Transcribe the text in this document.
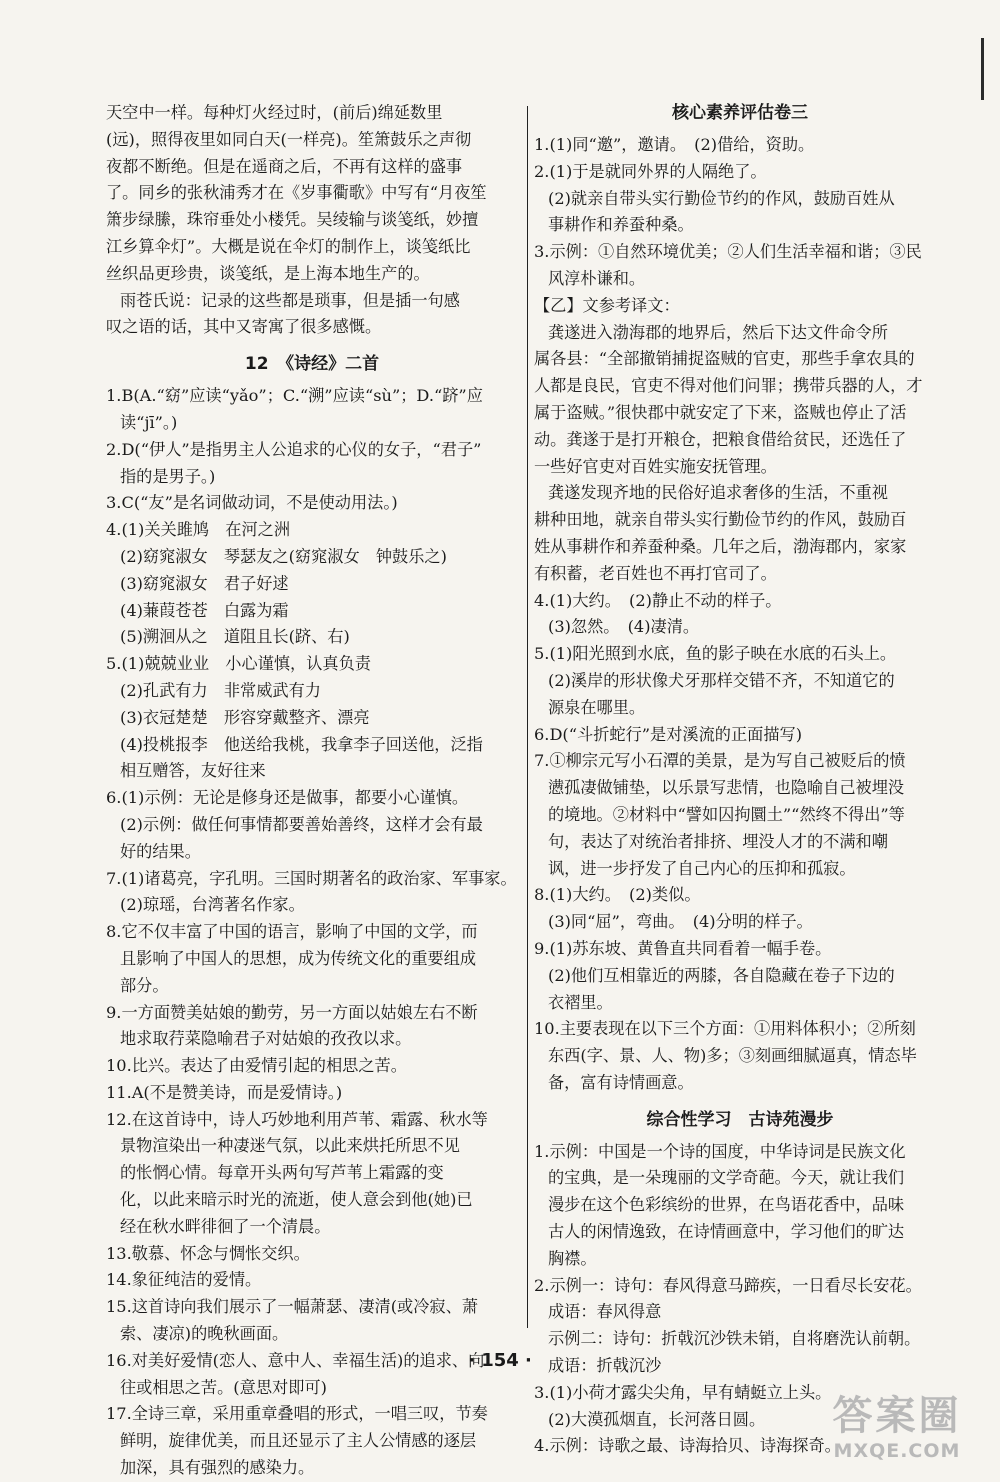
天空中一样。每种灯火经过时，(前后)绵延数里
(远)，照得夜里如同白天(一样亮)。笙箫鼓乐之声彻
夜都不断绝。但是在遥商之后，不再有这样的盛事
了。同乡的张秋浦秀才在《岁事衢歌》中写有“月夜笙
箫步绿縢，珠帘垂处小楼凭。吴绫输与谈笺纸，妙擅
江乡算伞灯”。大概是说在伞灯的制作上，谈笺纸比
丝织品更珍贵，谈笺纸，是上海本地生产的。
雨苍氏说：记录的这些都是琐事，但是插一句感
叹之语的话，其中又寄寓了很多感慨。
12　《诗经》二首
1.B(A.“窈”应读“yǎo”；C.“溯”应读“sù”；D.“跻”应
读“jī”。)
2.D(“伊人”是指男主人公追求的心仪的女子，“君子”
指的是男子。)
3.C(“友”是名词做动词，不是使动用法。)
4.(1)关关雎鸠　在河之洲
(2)窈窕淑女　琴瑟友之(窈窕淑女　钟鼓乐之)
(3)窈窕淑女　君子好逑
(4)蒹葭苍苍　白露为霜
(5)溯洄从之　道阻且长(跻、右)
5.(1)兢兢业业　小心谨慎，认真负责
(2)孔武有力　非常威武有力
(3)衣冠楚楚　形容穿戴整齐、漂亮
(4)投桃报李　他送给我桃，我拿李子回送他，泛指
相互赠答，友好往来
6.(1)示例：无论是修身还是做事，都要小心谨慎。
(2)示例：做任何事情都要善始善终，这样才会有最
好的结果。
7.(1)诸葛亮，字孔明。三国时期著名的政治家、军事家。
(2)琼瑶，台湾著名作家。
8.它不仅丰富了中国的语言，影响了中国的文学，而
且影响了中国人的思想，成为传统文化的重要组成
部分。
9.一方面赞美姑娘的勤劳，另一方面以姑娘左右不断
地求取荇菜隐喻君子对姑娘的孜孜以求。
10.比兴。表达了由爱情引起的相思之苦。
11.A(不是赞美诗，而是爱情诗。)
12.在这首诗中，诗人巧妙地利用芦苇、霜露、秋水等
景物渲染出一种凄迷气氛，以此来烘托所思不见
的怅惘心情。每章开头两句写芦苇上霜露的变
化，以此来暗示时光的流逝，使人意会到他(她)已
经在秋水畔徘徊了一个清晨。
13.敬慕、怀念与惆怅交织。
14.象征纯洁的爱情。
15.这首诗向我们展示了一幅萧瑟、凄清(或冷寂、萧
索、凄凉)的晚秋画面。
16.对美好爱情(恋人、意中人、幸福生活)的追求、向
往或相思之苦。(意思对即可)
17.全诗三章，采用重章叠唱的形式，一唱三叹，节奏
鲜明，旋律优美，而且还显示了主人公情感的逐层
加深，具有强烈的感染力。
核心素养评估卷三
1.(1)同“邀”，邀请。　(2)借给，资助。
2.(1)于是就同外界的人隔绝了。
(2)就亲自带头实行勤俭节约的作风，鼓励百姓从
事耕作和养蚕种桑。
3.示例：①自然环境优美；②人们生活幸福和谐；③民
风淳朴谦和。
【乙】文参考译文：
龚遂进入渤海郡的地界后，然后下达文件命令所
属各县：“全部撤销捕捉盗贼的官吏，那些手拿农具的
人都是良民，官吏不得对他们问罪；携带兵器的人，才
属于盗贼。”很快郡中就安定了下来，盗贼也停止了活
动。龚遂于是打开粮仓，把粮食借给贫民，还选任了
一些好官吏对百姓实施安抚管理。
龚遂发现齐地的民俗好追求奢侈的生活，不重视
耕种田地，就亲自带头实行勤俭节约的作风，鼓励百
姓从事耕作和养蚕种桑。几年之后，渤海郡内，家家
有积蓄，老百姓也不再打官司了。
4.(1)大约。　(2)静止不动的样子。
(3)忽然。　(4)凄清。
5.(1)阳光照到水底，鱼的影子映在水底的石头上。
(2)溪岸的形状像犬牙那样交错不齐，不知道它的
源泉在哪里。
6.D(“斗折蛇行”是对溪流的正面描写)
7.①柳宗元写小石潭的美景，是为写自己被贬后的愤
懑孤凄做铺垫，以乐景写悲情，也隐喻自己被埋没
的境地。②材料中“譬如囚拘圜土”“然终不得出”等
句，表达了对统治者排挤、埋没人才的不满和嘲
讽，进一步抒发了自己内心的压抑和孤寂。
8.(1)大约。　(2)类似。
(3)同“屈”，弯曲。　(4)分明的样子。
9.(1)苏东坡、黄鲁直共同看着一幅手卷。
(2)他们互相靠近的两膝，各自隐藏在卷子下边的
衣褶里。
10.主要表现在以下三个方面：①用料体积小；②所刻
东西(字、景、人、物)多；③刻画细腻逼真，情态毕
备，富有诗情画意。
综合性学习　古诗苑漫步
1.示例：中国是一个诗的国度，中华诗词是民族文化
的宝典，是一朵瑰丽的文学奇葩。今天，就让我们
漫步在这个色彩缤纷的世界，在鸟语花香中，品味
古人的闲情逸致，在诗情画意中，学习他们的旷达
胸襟。
2.示例一：诗句：春风得意马蹄疾，一日看尽长安花。
成语：春风得意
示例二：诗句：折戟沉沙铁未销，自将磨洗认前朝。
成语：折戟沉沙
3.(1)小荷才露尖尖角，早有蜻蜓立上头。
(2)大漠孤烟直，长河落日圆。
4.示例：诗歌之最、诗海拾贝、诗海探奇。
· 154 ·
答案圈
MXQE.COM
